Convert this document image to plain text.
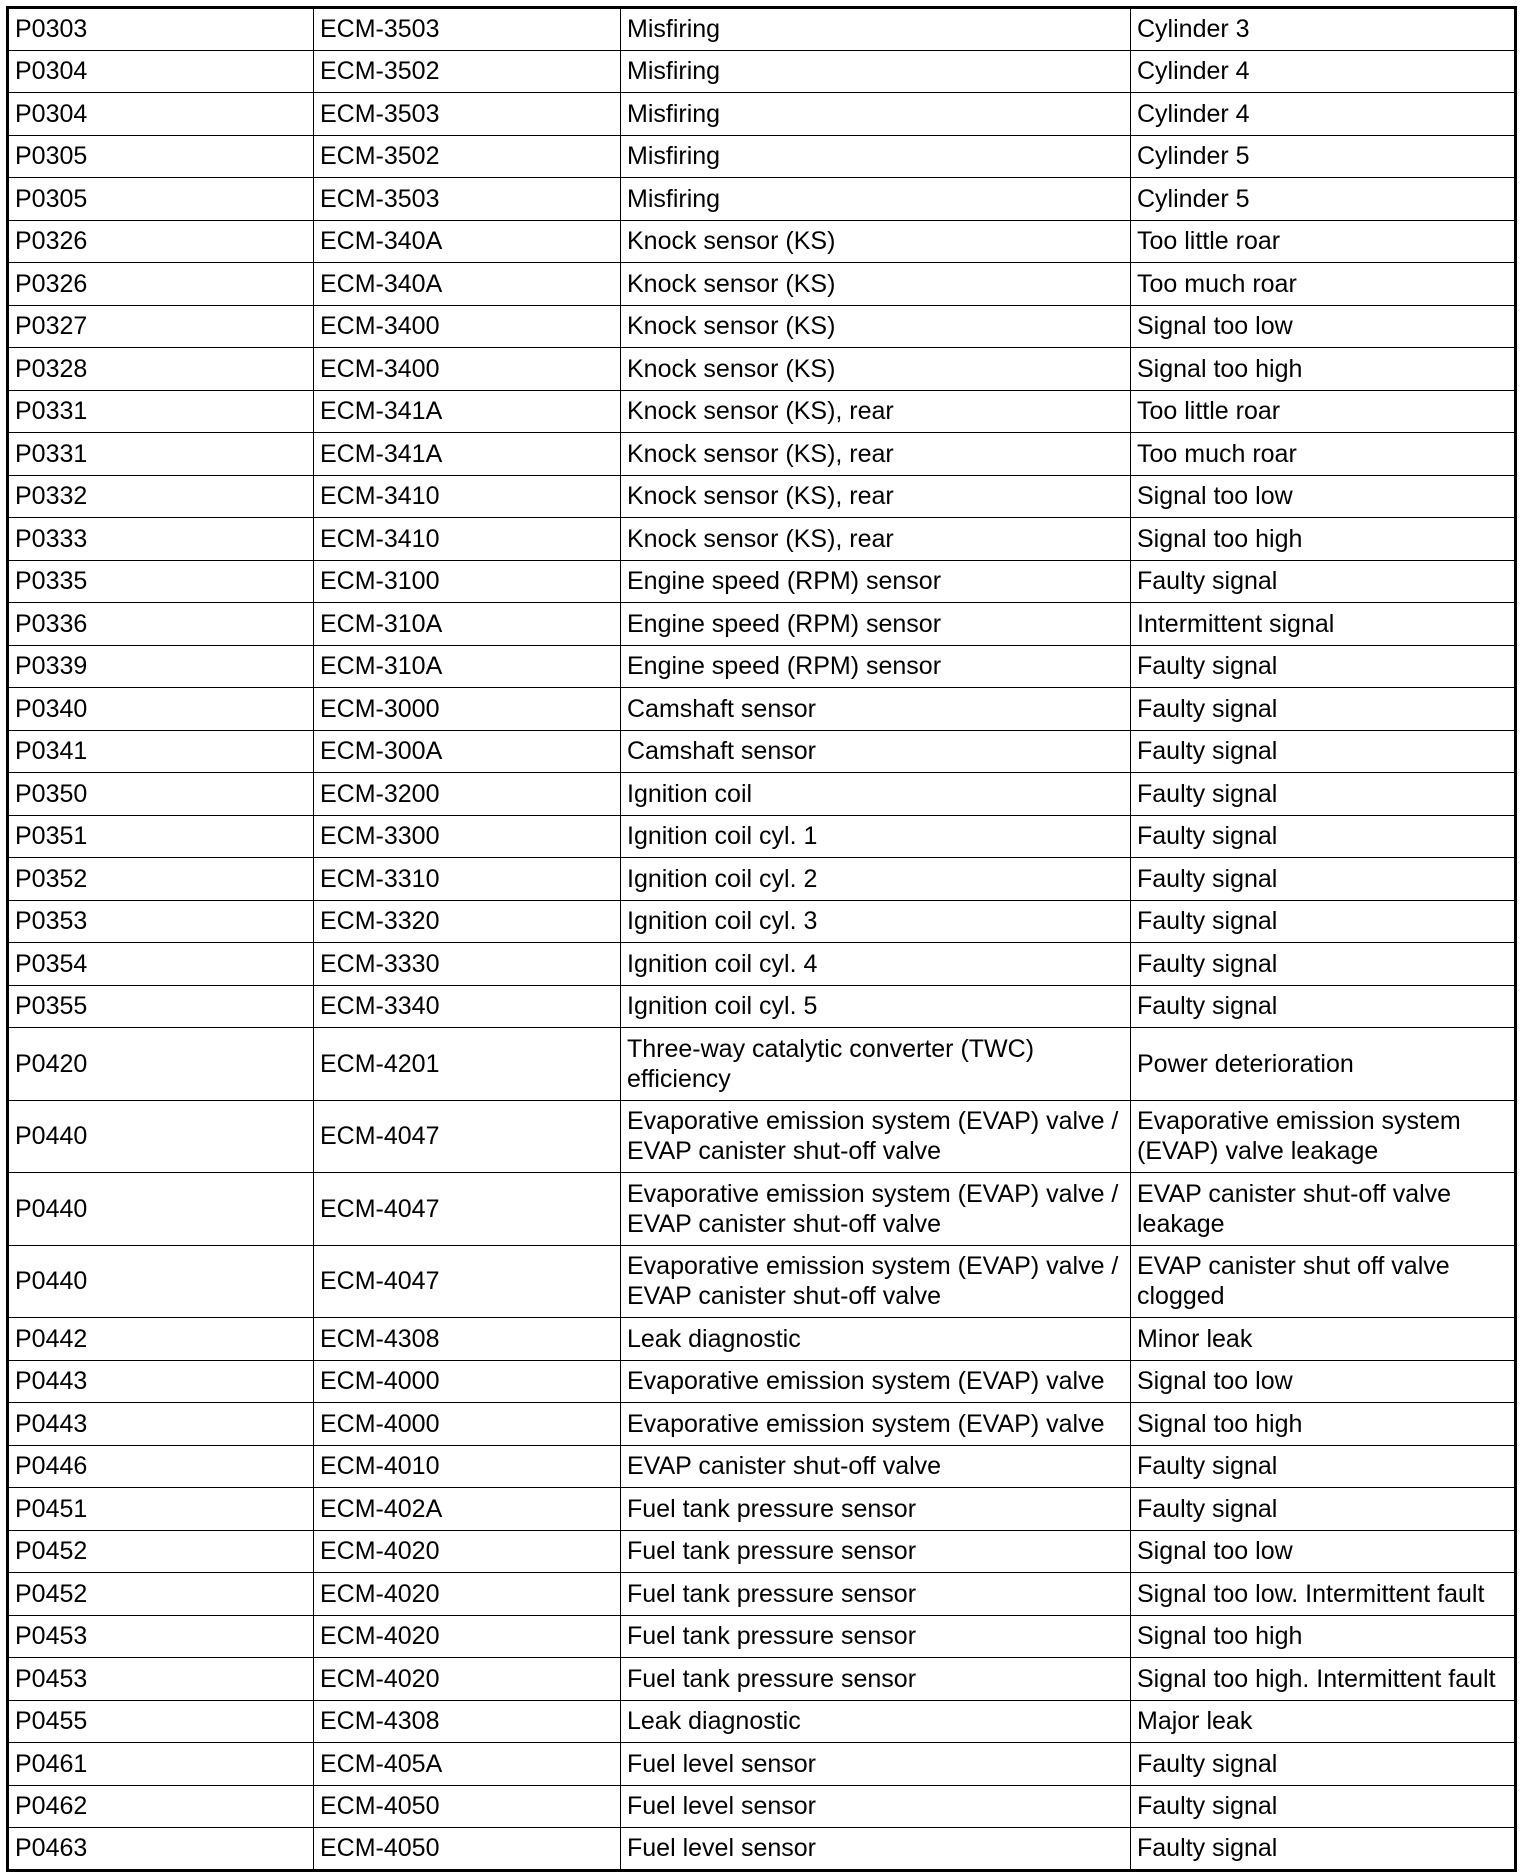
P0303	ECM-3503	Misfiring	Cylinder 3
P0304	ECM-3502	Misfiring	Cylinder 4
P0304	ECM-3503	Misfiring	Cylinder 4
P0305	ECM-3502	Misfiring	Cylinder 5
P0305	ECM-3503	Misfiring	Cylinder 5
P0326	ECM-340A	Knock sensor (KS)	Too little roar
P0326	ECM-340A	Knock sensor (KS)	Too much roar
P0327	ECM-3400	Knock sensor (KS)	Signal too low
P0328	ECM-3400	Knock sensor (KS)	Signal too high
P0331	ECM-341A	Knock sensor (KS), rear	Too little roar
P0331	ECM-341A	Knock sensor (KS), rear	Too much roar
P0332	ECM-3410	Knock sensor (KS), rear	Signal too low
P0333	ECM-3410	Knock sensor (KS), rear	Signal too high
P0335	ECM-3100	Engine speed (RPM) sensor	Faulty signal
P0336	ECM-310A	Engine speed (RPM) sensor	Intermittent signal
P0339	ECM-310A	Engine speed (RPM) sensor	Faulty signal
P0340	ECM-3000	Camshaft sensor	Faulty signal
P0341	ECM-300A	Camshaft sensor	Faulty signal
P0350	ECM-3200	Ignition coil	Faulty signal
P0351	ECM-3300	Ignition coil cyl. 1	Faulty signal
P0352	ECM-3310	Ignition coil cyl. 2	Faulty signal
P0353	ECM-3320	Ignition coil cyl. 3	Faulty signal
P0354	ECM-3330	Ignition coil cyl. 4	Faulty signal
P0355	ECM-3340	Ignition coil cyl. 5	Faulty signal
P0420	ECM-4201	Three-way catalytic converter (TWC) efficiency	Power deterioration
P0440	ECM-4047	Evaporative emission system (EVAP) valve / EVAP canister shut-off valve	Evaporative emission system (EVAP) valve leakage
P0440	ECM-4047	Evaporative emission system (EVAP) valve / EVAP canister shut-off valve	EVAP canister shut-off valve leakage
P0440	ECM-4047	Evaporative emission system (EVAP) valve / EVAP canister shut-off valve	EVAP canister shut off valve clogged
P0442	ECM-4308	Leak diagnostic	Minor leak
P0443	ECM-4000	Evaporative emission system (EVAP) valve	Signal too low
P0443	ECM-4000	Evaporative emission system (EVAP) valve	Signal too high
P0446	ECM-4010	EVAP canister shut-off valve	Faulty signal
P0451	ECM-402A	Fuel tank pressure sensor	Faulty signal
P0452	ECM-4020	Fuel tank pressure sensor	Signal too low
P0452	ECM-4020	Fuel tank pressure sensor	Signal too low. Intermittent fault
P0453	ECM-4020	Fuel tank pressure sensor	Signal too high
P0453	ECM-4020	Fuel tank pressure sensor	Signal too high. Intermittent fault
P0455	ECM-4308	Leak diagnostic	Major leak
P0461	ECM-405A	Fuel level sensor	Faulty signal
P0462	ECM-4050	Fuel level sensor	Faulty signal
P0463	ECM-4050	Fuel level sensor	Faulty signal
